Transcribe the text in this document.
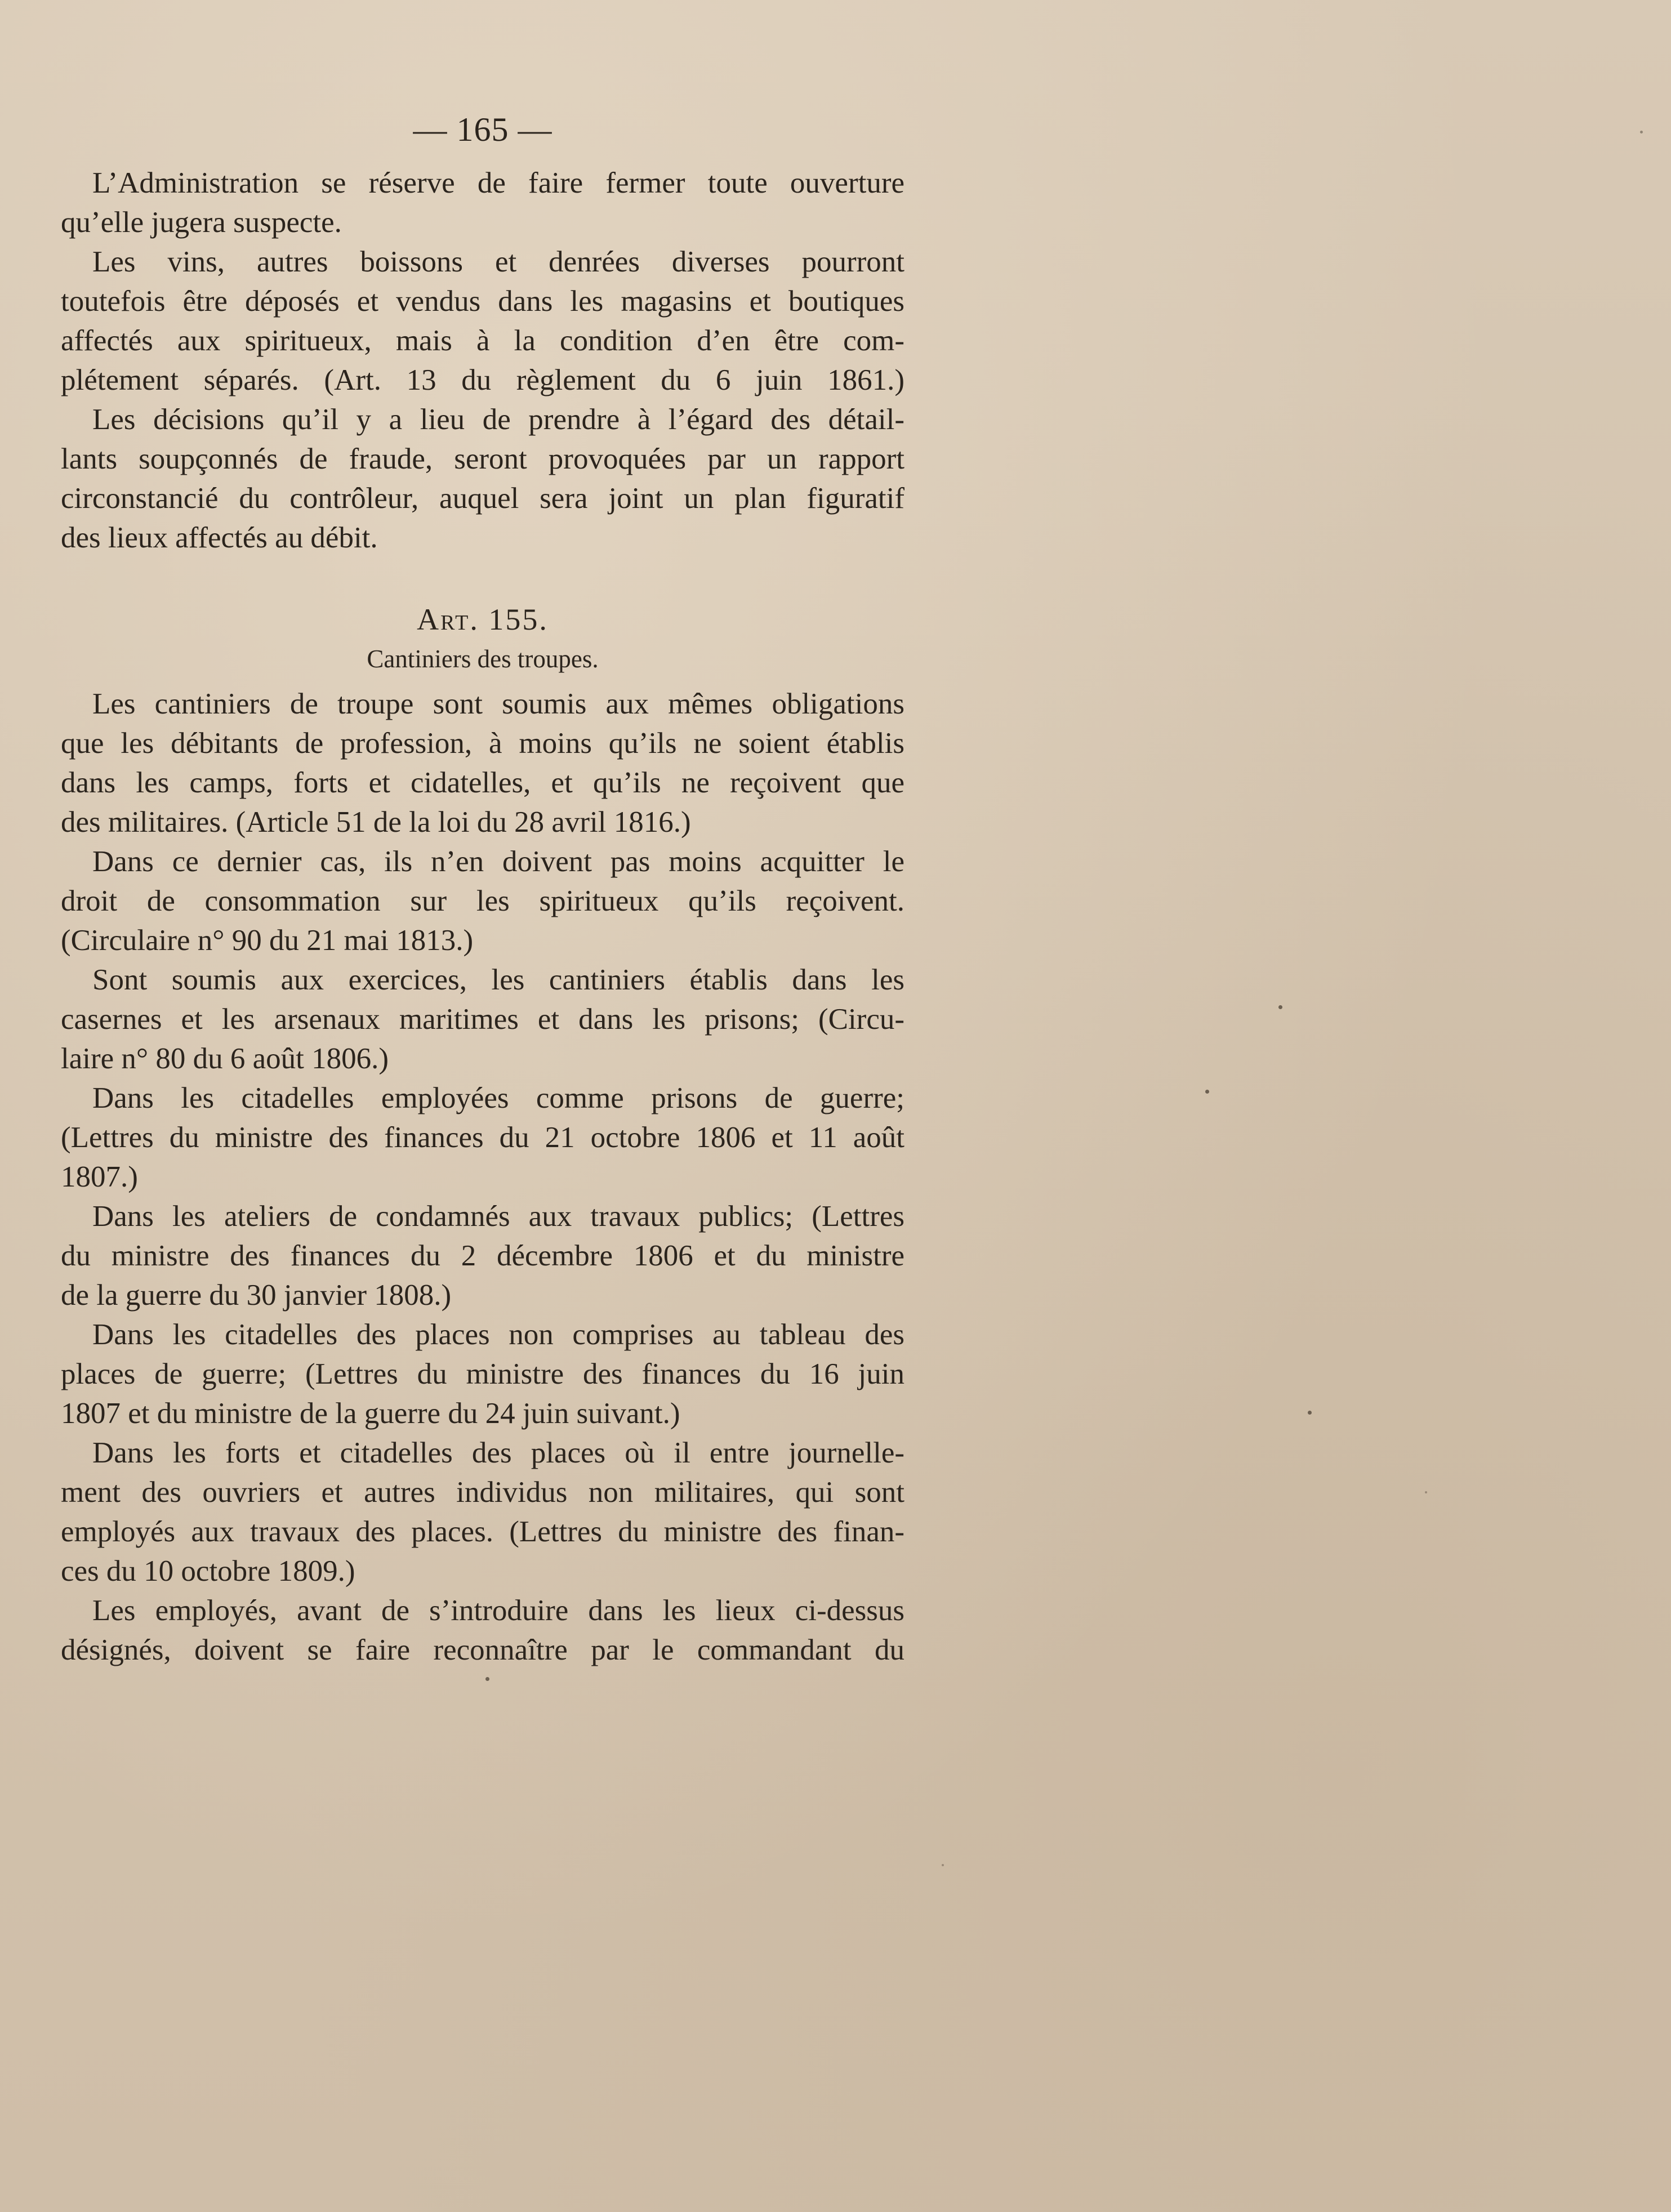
— 165 —
L’Administration se réserve de faire fermer toute ouverture
qu’elle jugera suspecte.
Les vins, autres boissons et denrées diverses pourront
toutefois être déposés et vendus dans les magasins et boutiques
affectés aux spiritueux, mais à la condition d’en être com-
plétement séparés. (Art. 13 du règlement du 6 juin 1861.)
Les décisions qu’il y a lieu de prendre à l’égard des détail-
lants soupçonnés de fraude, seront provoquées par un rapport
circonstancié du contrôleur, auquel sera joint un plan figuratif
des lieux affectés au débit.
Art. 155.
Cantiniers des troupes.
Les cantiniers de troupe sont soumis aux mêmes obligations
que les débitants de profession, à moins qu’ils ne soient établis
dans les camps, forts et cidatelles, et qu’ils ne reçoivent que
des militaires. (Article 51 de la loi du 28 avril 1816.)
Dans ce dernier cas, ils n’en doivent pas moins acquitter le
droit de consommation sur les spiritueux qu’ils reçoivent.
(Circulaire n° 90 du 21 mai 1813.)
Sont soumis aux exercices, les cantiniers établis dans les
casernes et les arsenaux maritimes et dans les prisons; (Circu-
laire n° 80 du 6 août 1806.)
Dans les citadelles employées comme prisons de guerre;
(Lettres du ministre des finances du 21 octobre 1806 et 11 août
1807.)
Dans les ateliers de condamnés aux travaux publics; (Lettres
du ministre des finances du 2 décembre 1806 et du ministre
de la guerre du 30 janvier 1808.)
Dans les citadelles des places non comprises au tableau des
places de guerre; (Lettres du ministre des finances du 16 juin
1807 et du ministre de la guerre du 24 juin suivant.)
Dans les forts et citadelles des places où il entre journelle-
ment des ouvriers et autres individus non militaires, qui sont
employés aux travaux des places. (Lettres du ministre des finan-
ces du 10 octobre 1809.)
Les employés, avant de s’introduire dans les lieux ci-dessus
désignés, doivent se faire reconnaître par le commandant du
